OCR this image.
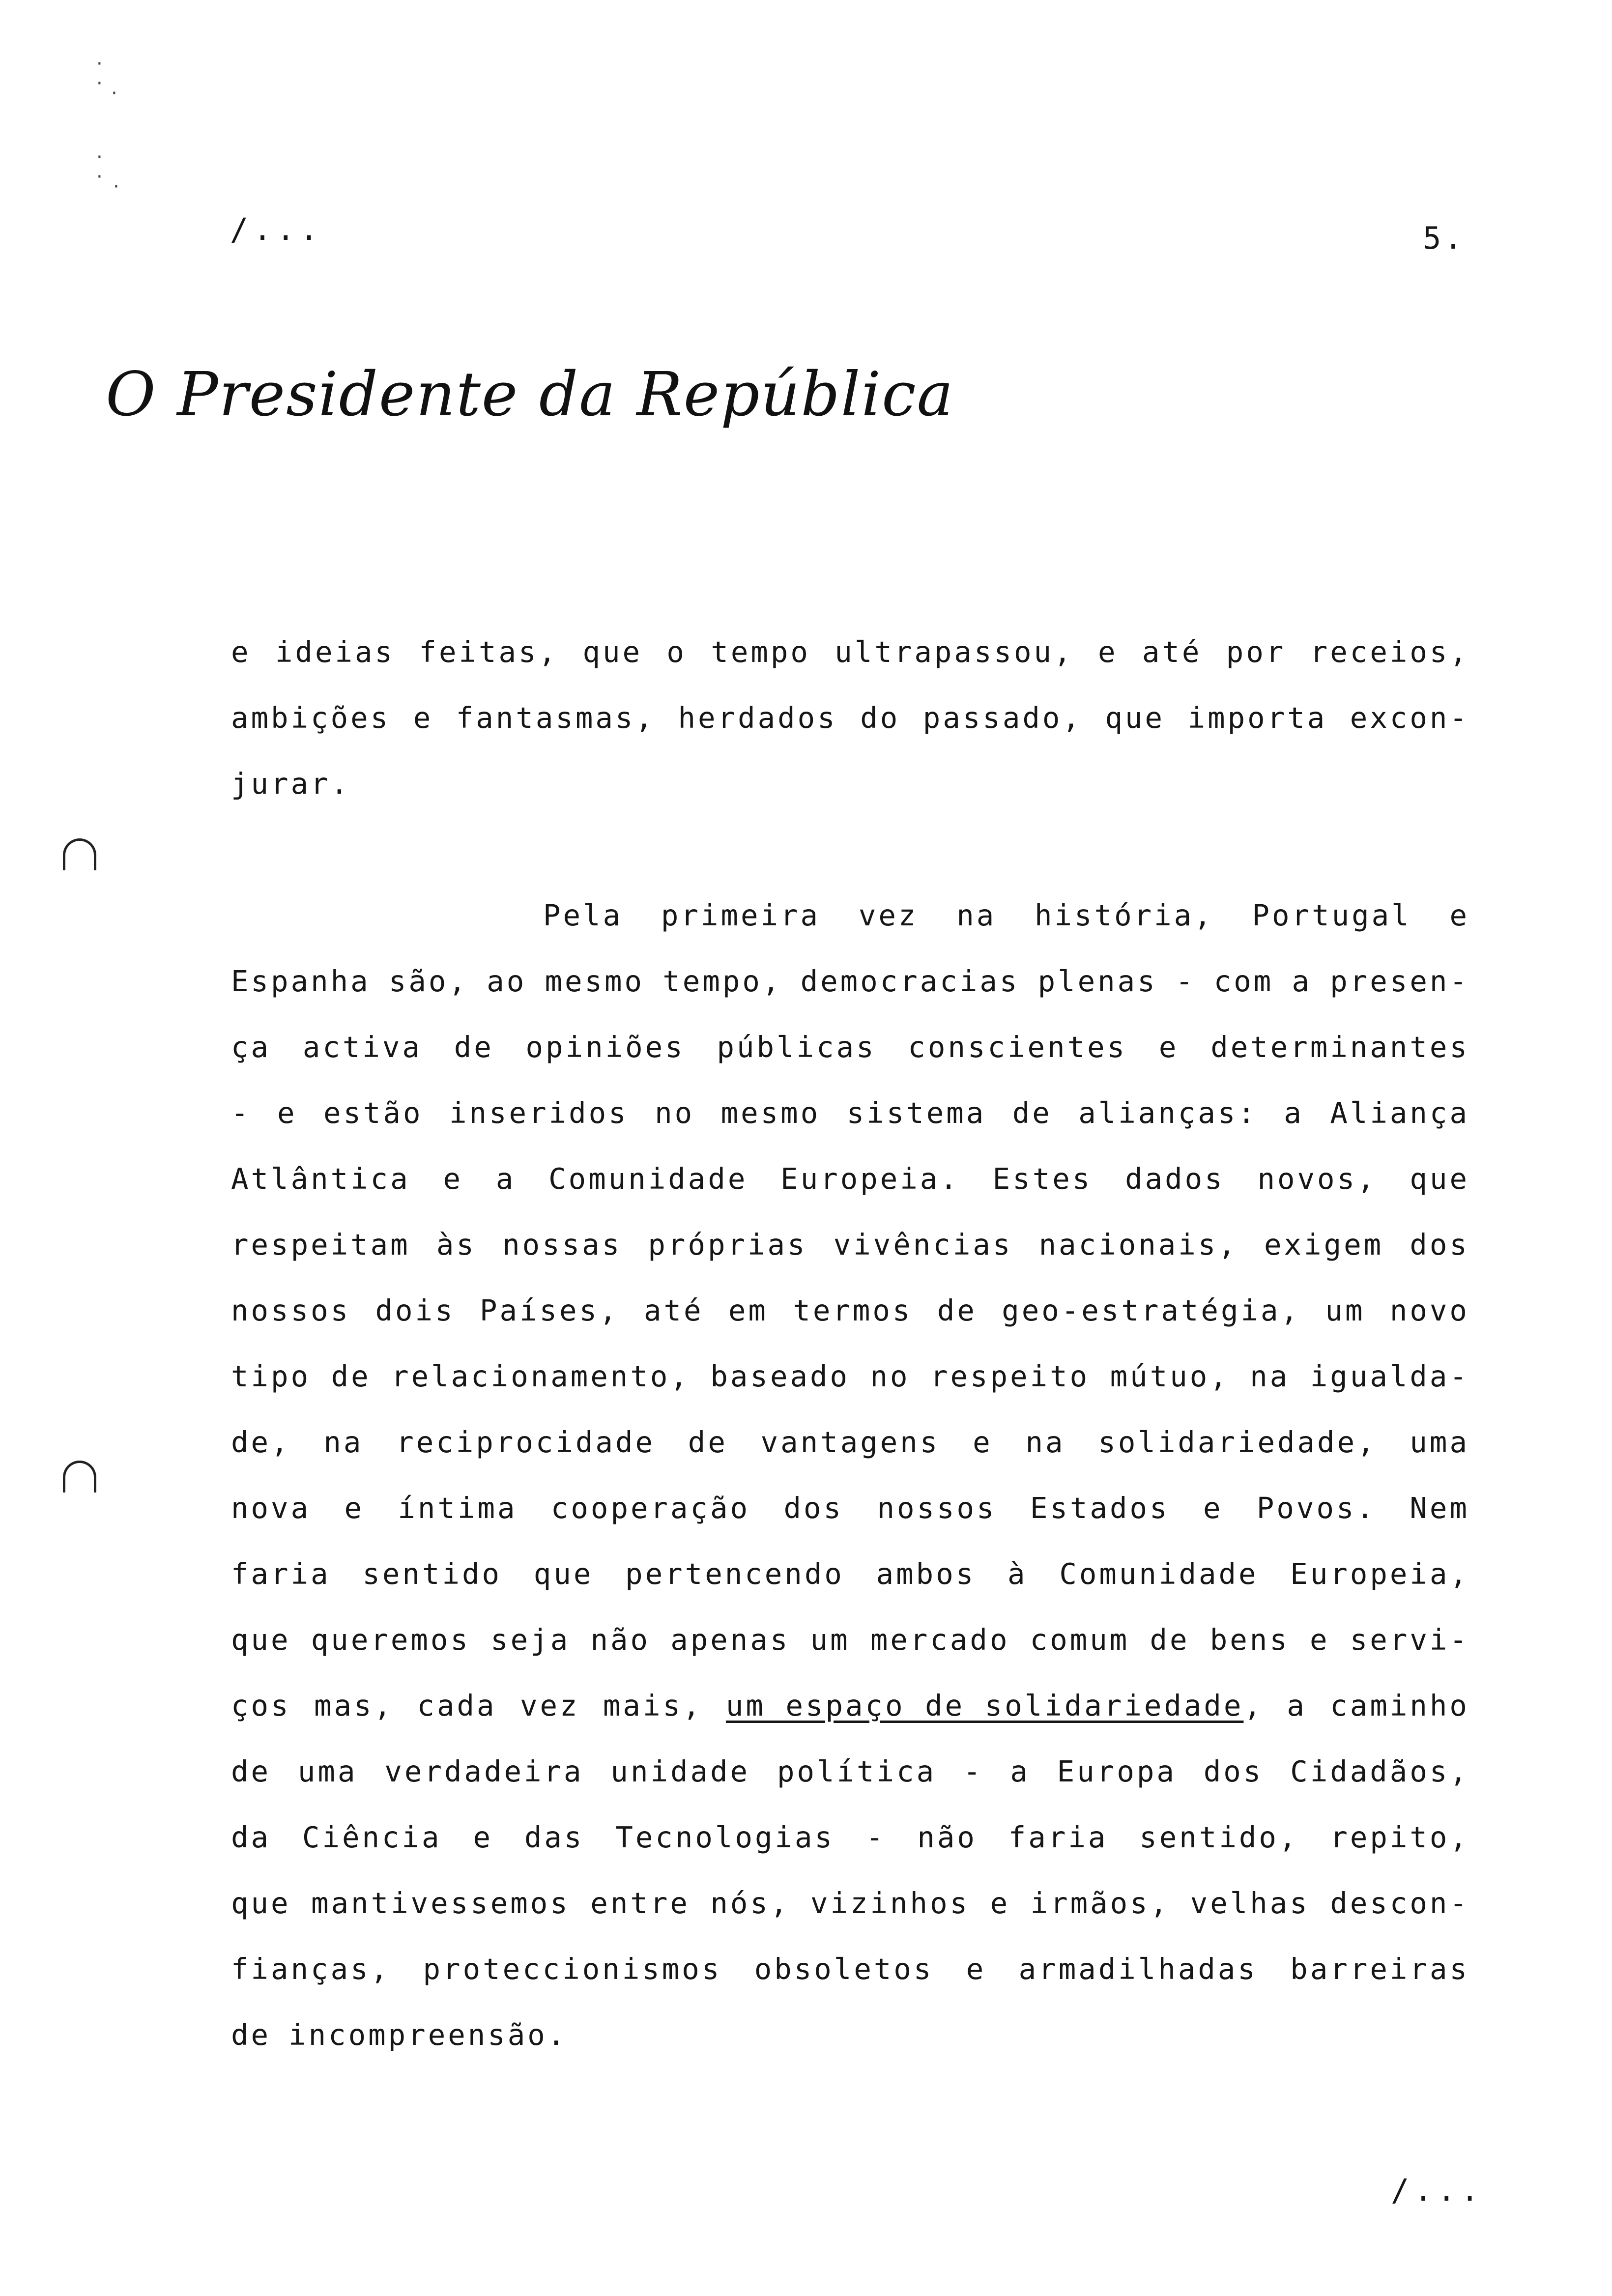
·
· ·
·
· ·
/...	5.
O Presidente da República
e ideias feitas, que o tempo ultrapassou, e até por receios,
ambições e fantasmas, herdados do passado, que importa excon-
jurar.
Pela primeira vez na história, Portugal e
Espanha são, ao mesmo tempo, democracias plenas - com a presen-
ça activa de opiniões públicas conscientes e determinantes
- e estão inseridos no mesmo sistema de alianças: a Aliança
Atlântica e a Comunidade Europeia. Estes dados novos, que
respeitam às nossas próprias vivências nacionais, exigem dos
nossos dois Países, até em termos de geo-estratégia, um novo
tipo de relacionamento, baseado no respeito mútuo, na igualda-
de, na reciprocidade de vantagens e na solidariedade, uma
nova e íntima cooperação dos nossos Estados e Povos. Nem
faria sentido que pertencendo ambos à Comunidade Europeia,
que queremos seja não apenas um mercado comum de bens e servi-
ços mas, cada vez mais, um espaço de solidariedade, a caminho
de uma verdadeira unidade política - a Europa dos Cidadãos,
da Ciência e das Tecnologias - não faria sentido, repito,
que mantivessemos entre nós, vizinhos e irmãos, velhas descon-
fianças, proteccionismos obsoletos e armadilhadas barreiras
de incompreensão.
/...
